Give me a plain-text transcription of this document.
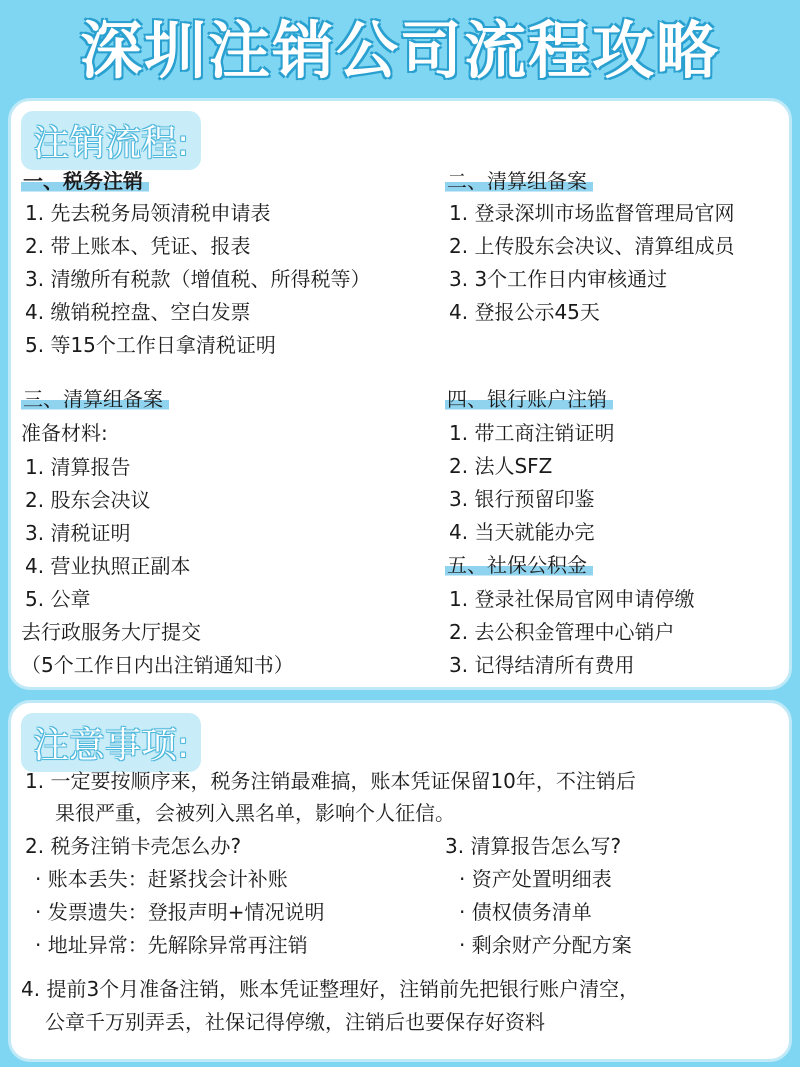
深圳注销公司流程攻略
注销流程:
一、税务注销
1. 先去税务局领清税申请表
2. 带上账本、凭证、报表
3. 清缴所有税款（增值税、所得税等）
4. 缴销税控盘、空白发票
5. 等15个工作日拿清税证明
二、清算组备案
1. 登录深圳市场监督管理局官网
2. 上传股东会决议、清算组成员
3. 3个工作日内审核通过
4. 登报公示45天
三、清算组备案
准备材料:
1. 清算报告
2. 股东会决议
3. 清税证明
4. 营业执照正副本
5. 公章
去行政服务大厅提交
（5个工作日内出注销通知书）
四、银行账户注销
1. 带工商注销证明
2. 法人SFZ
3. 银行预留印鉴
4. 当天就能办完
五、社保公积金
1. 登录社保局官网申请停缴
2. 去公积金管理中心销户
3. 记得结清所有费用
注意事项:
1. 一定要按顺序来，税务注销最难搞，账本凭证保留10年，不注销后
果很严重，会被列入黑名单，影响个人征信。
2. 税务注销卡壳怎么办?
· 账本丢失：赶紧找会计补账
· 发票遗失：登报声明+情况说明
· 地址异常：先解除异常再注销
3. 清算报告怎么写?
· 资产处置明细表
· 债权债务清单
· 剩余财产分配方案
4. 提前3个月准备注销，账本凭证整理好，注销前先把银行账户清空，
公章千万别弄丢，社保记得停缴，注销后也要保存好资料
